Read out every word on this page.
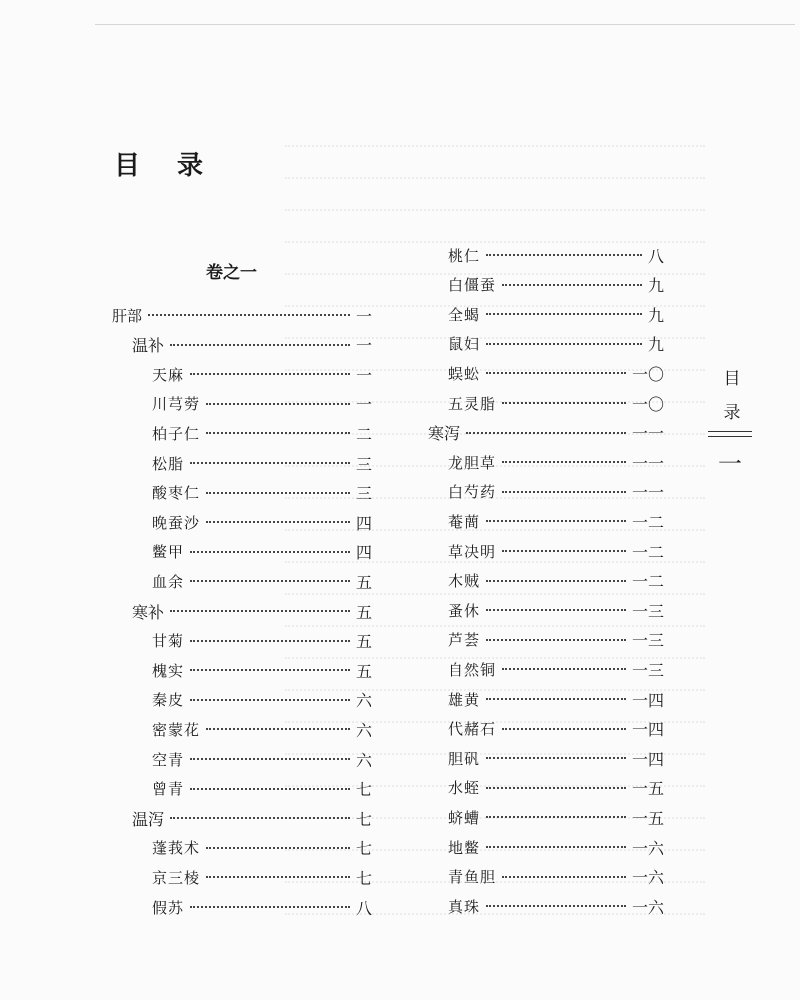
目 录
卷之一
肝部	一
温补	一
天麻	一
川芎䓖	一
柏子仁	二
松脂	三
酸枣仁	三
晚蚕沙	四
鳖甲	四
血余	五
寒补	五
甘菊	五
槐实	五
秦皮	六
密蒙花	六
空青	六
曾青	七
温泻	七
蓬莪术	七
京三棱	七
假苏	八
桃仁	八
白僵蚕	九
全蝎	九
鼠妇	九
蜈蚣	一〇
五灵脂	一〇
寒泻	一一
龙胆草	一一
白芍药	一一
菴蕳	一二
草决明	一二
木贼	一二
蚤休	一三
芦荟	一三
自然铜	一三
雄黄	一四
代赭石	一四
胆矾	一四
水蛭	一五
蛴螬	一五
地鳖	一六
青鱼胆	一六
真珠	一六
目录
一
